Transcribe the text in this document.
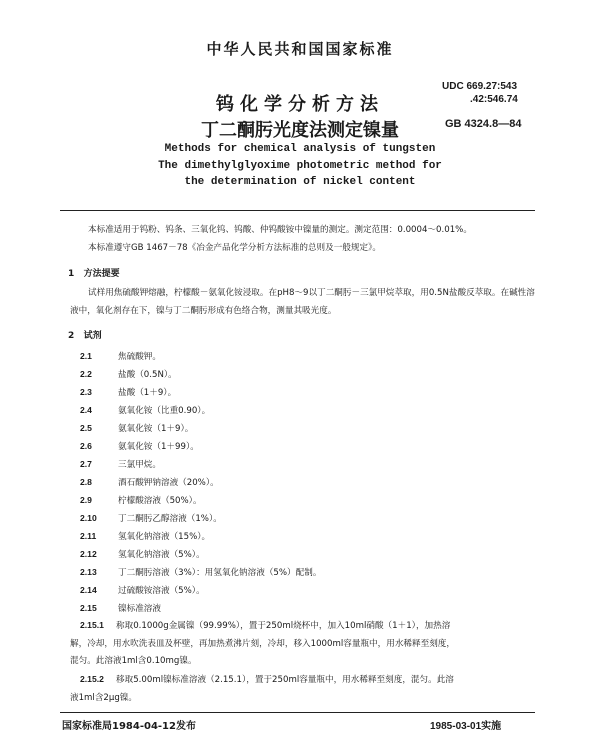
中华人民共和国国家标准
钨化学分析方法
丁二酮肟光度法测定镍量
UDC 669.27:543
.42:546.74
GB 4324.8—84
Methods for chemical analysis of tungsten
The dimethylglyoxime photometric method for
the determination of nickel content
本标准适用于钨粉、钨条、三氧化钨、钨酸、仲钨酸铵中镍量的测定。测定范围：0.0004～0.01%。
本标准遵守GB 1467－78《冶金产品化学分析方法标准的总则及一般规定》。
1 方法提要
试样用焦硫酸钾熔融，柠檬酸－氨氧化铵浸取。在pH8～9以丁二酮肟－三氯甲烷萃取，用0.5N盐酸反萃取。在碱性溶液中，氧化剂存在下，镍与丁二酮肟形成有色络合物，测量其吸光度。
2 试剂
2.1	焦硫酸钾。
2.2	盐酸（0.5N）。
2.3	盐酸（1＋9）。
2.4	氨氧化铵（比重0.90）。
2.5	氨氧化铵（1＋9）。
2.6	氨氧化铵（1＋99）。
2.7	三氯甲烷。
2.8	酒石酸钾钠溶液（20%）。
2.9	柠檬酸溶液（50%）。
2.10 丁二酮肟乙醇溶液（1%）。
2.11	氢氧化钠溶液（15%）。
2.12 氢氧化钠溶液（5%）。
2.13 丁二酮肟溶液（3%）：用氢氧化钠溶液（5%）配制。
2.14 过硫酸铵溶液（5%）。
2.15 镍标准溶液
2.15.1 称取0.1000g金属镍（99.99%），置于250ml烧杯中，加入10ml硝酸（1＋1），加热溶
解，冷却，用水吹洗表皿及杯壁，再加热煮沸片刻，冷却，移入1000ml容量瓶中，用水稀释至刻度，
混匀。此溶液1ml含0.10mg镍。
2.15.2 移取5.00ml镍标准溶液（2.15.1），置于250ml容量瓶中，用水稀释至刻度，混匀。此溶
液1ml含2μg镍。
国家标准局1984-04-12发布	1985-03-01实施
